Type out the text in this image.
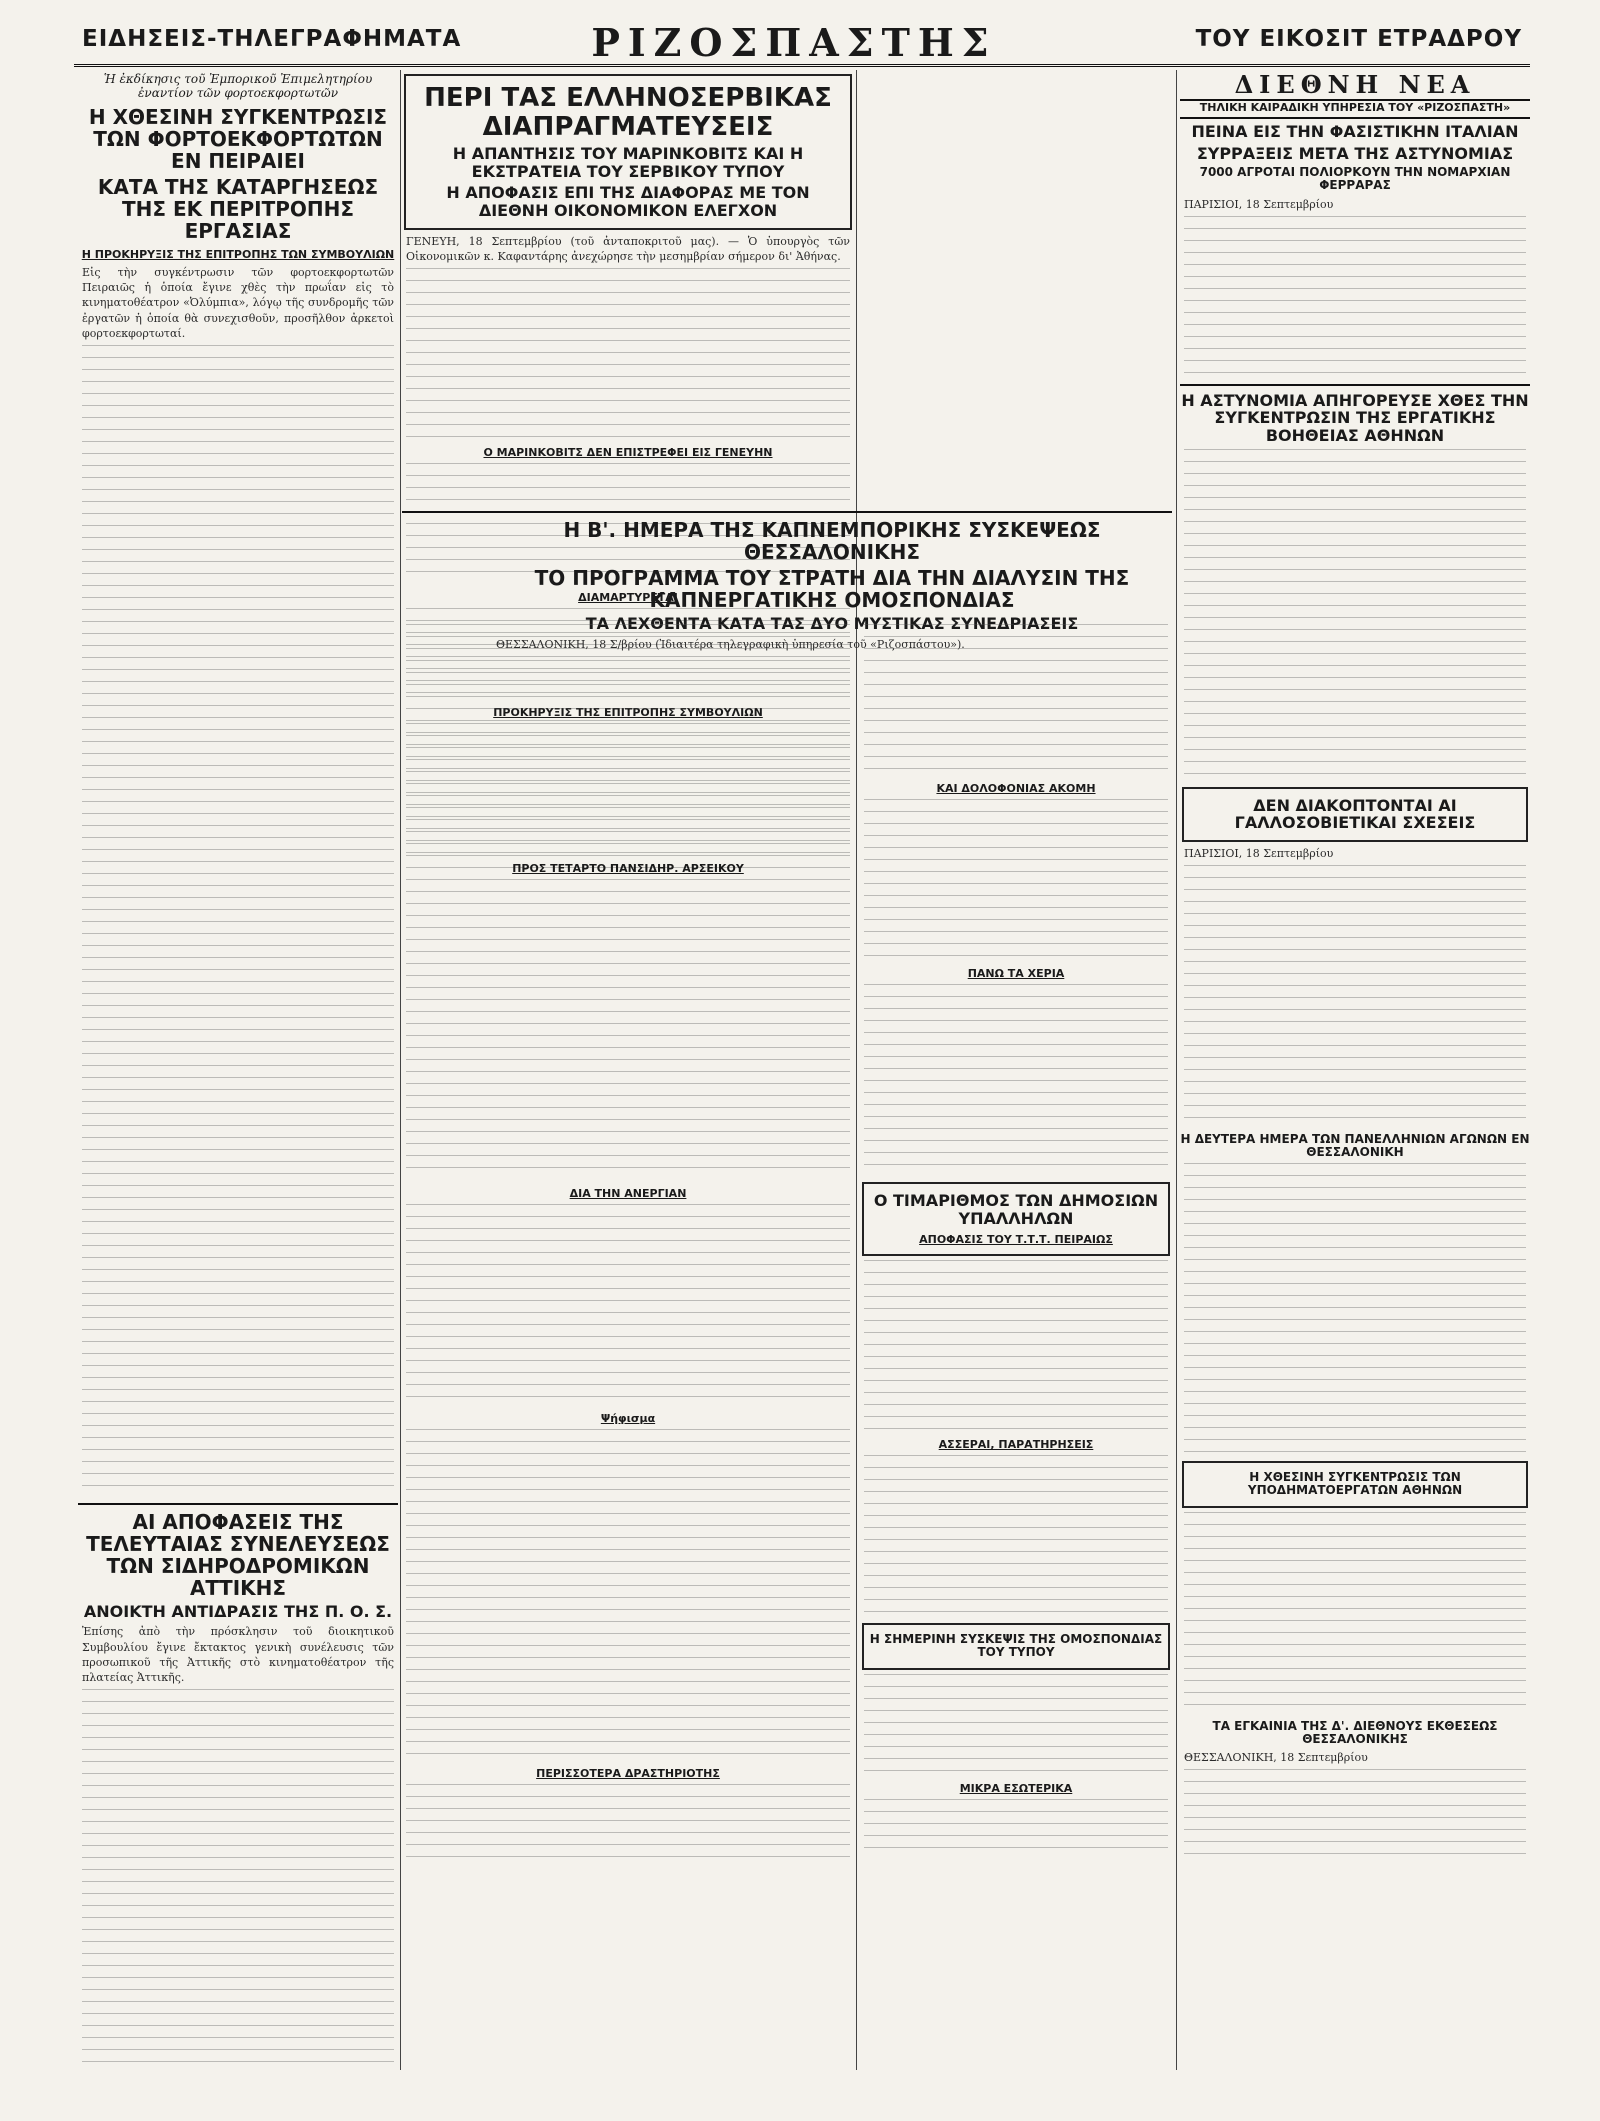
ΕΙΔΗΣΕΙΣ-ΤΗΛΕΓΡΑΦΗΜΑΤΑ	ΡΙΖΟΣΠΑΣΤΗΣ	ΤΟΥ ΕΙΚΟΣΙΤ ΕΤΡΑΔΡΟΥ
Ἡ ἐκδίκησις τοῦ Ἐμπορικοῦ Ἐπιμελητηρίου ἐναντίον τῶν φορτοεκφορτωτῶν
Η ΧΘΕΣΙΝΗ ΣΥΓΚΕΝΤΡΩΣΙΣ ΤΩΝ ΦΟΡΤΟΕΚΦΟΡΤΩΤΩΝ ΕΝ ΠΕΙΡΑΙΕΙ
ΚΑΤΑ ΤΗΣ ΚΑΤΑΡΓΗΣΕΩΣ ΤΗΣ ΕΚ ΠΕΡΙΤΡΟΠΗΣ ΕΡΓΑΣΙΑΣ
Η ΠΡΟΚΗΡΥΞΙΣ ΤΗΣ ΕΠΙΤΡΟΠΗΣ ΤΩΝ ΣΥΜΒΟΥΛΙΩΝ
Εἰς τὴν συγκέντρωσιν τῶν φορτοεκφορτωτῶν Πειραιῶς ἡ ὁποία ἔγινε χθὲς τὴν πρωΐαν εἰς τὸ κινηματοθέατρον «Ὀλύμπια», λόγῳ τῆς συνδρομῆς τῶν ἐργατῶν ἡ ὁποία θὰ συνεχισθοῦν, προσῆλθον ἀρκετοὶ φορτοεκφορτωταί.
ΑΙ ΑΠΟΦΑΣΕΙΣ ΤΗΣ ΤΕΛΕΥΤΑΙΑΣ ΣΥΝΕΛΕΥΣΕΩΣ ΤΩΝ ΣΙΔΗΡΟΔΡΟΜΙΚΩΝ ΑΤΤΙΚΗΣ
ΑΝΟΙΚΤΗ ΑΝΤΙΔΡΑΣΙΣ ΤΗΣ Π. Ο. Σ.
Ἐπίσης ἀπὸ τὴν πρόσκλησιν τοῦ διοικητικοῦ Συμβουλίου ἔγινε ἔκτακτος γενικὴ συνέλευσις τῶν προσωπικοῦ τῆς Ἀττικῆς στὸ κινηματοθέατρον τῆς πλατείας Ἀττικῆς.
ΠΕΡΙ ΤΑΣ ΕΛΛΗΝΟΣΕΡΒΙΚΑΣ ΔΙΑΠΡΑΓΜΑΤΕΥΣΕΙΣ
Η ΑΠΑΝΤΗΣΙΣ ΤΟΥ ΜΑΡΙΝΚΟΒΙΤΣ ΚΑΙ Η ΕΚΣΤΡΑΤΕΙΑ ΤΟΥ ΣΕΡΒΙΚΟΥ ΤΥΠΟΥ
Η ΑΠΟΦΑΣΙΣ ΕΠΙ ΤΗΣ ΔΙΑΦΟΡΑΣ ΜΕ ΤΟΝ ΔΙΕΘΝΗ ΟΙΚΟΝΟΜΙΚΟΝ ΕΛΕΓΧΟΝ
ΓΕΝΕΥΗ, 18 Σεπτεμβρίου (τοῦ ἀνταποκριτοῦ μας). — Ὁ ὑπουργὸς τῶν Οἰκονομικῶν κ. Καφαντάρης ἀνεχώρησε τὴν μεσημβρίαν σήμερον δι' Ἀθήνας.
Ο ΜΑΡΙΝΚΟΒΙΤΣ ΔΕΝ ΕΠΙΣΤΡΕΦΕΙ ΕΙΣ ΓΕΝΕΥΗΝ
ΔΙΑΜΑΡΤΥΡΕΤΑΙ
ΠΡΟΚΗΡΥΞΙΣ ΤΗΣ ΕΠΙΤΡΟΠΗΣ ΣΥΜΒΟΥΛΙΩΝ
Η Β'. ΗΜΕΡΑ ΤΗΣ ΚΑΠΝΕΜΠΟΡΙΚΗΣ ΣΥΣΚΕΨΕΩΣ ΘΕΣΣΑΛΟΝΙΚΗΣ
ΤΟ ΠΡΟΓΡΑΜΜΑ ΤΟΥ ΣΤΡΑΤΗ ΔΙΑ ΤΗΝ ΔΙΑΛΥΣΙΝ ΤΗΣ ΚΑΠΝΕΡΓΑΤΙΚΗΣ ΟΜΟΣΠΟΝΔΙΑΣ
ΤΑ ΛΕΧΘΕΝΤΑ ΚΑΤΑ ΤΑΣ ΔΥΟ ΜΥΣΤΙΚΑΣ ΣΥΝΕΔΡΙΑΣΕΙΣ
ΘΕΣΣΑΛΟΝΙΚΗ, 18 Σ/βρίου (Ἰδιαιτέρα τηλεγραφικὴ ὑπηρεσία τοῦ «Ριζοσπάστου»).
ΚΑΙ ΔΟΛΟΦΟΝΙΑΣ ΑΚΟΜΗ
ΠΑΝΩ ΤΑ ΧΕΡΙΑ
Ο ΤΙΜΑΡΙΘΜΟΣ ΤΩΝ ΔΗΜΟΣΙΩΝ ΥΠΑΛΛΗΛΩΝ
ΑΠΟΦΑΣΙΣ ΤΟΥ Τ.Τ.Τ. ΠΕΙΡΑΙΩΣ
ΑΣΣΕΡΑΙ, ΠΑΡΑΤΗΡΗΣΕΙΣ
Η ΣΗΜΕΡΙΝΗ ΣΥΣΚΕΨΙΣ ΤΗΣ ΟΜΟΣΠΟΝΔΙΑΣ ΤΟΥ ΤΥΠΟΥ
ΜΙΚΡΑ ΕΣΩΤΕΡΙΚΑ
ΠΡΟΣ ΤΕΤΑΡΤΟ ΠΑΝΣΙΔΗΡ. ΑΡΣΕΙΚΟΥ
ΔΙΑ ΤΗΝ ΑΝΕΡΓΙΑΝ
Ψήφισμα
ΠΕΡΙΣΣΟΤΕΡΑ ΔΡΑΣΤΗΡΙΟΤΗΣ
ΔΙΕΘΝΗ ΝΕΑ
ΤΗΛΙΚΗ ΚΑΙΡΑΔΙΚΗ ΥΠΗΡΕΣΙΑ ΤΟΥ «ΡΙΖΟΣΠΑΣΤΗ»
ΠΕΙΝΑ ΕΙΣ ΤΗΝ ΦΑΣΙΣΤΙΚΗΝ ΙΤΑΛΙΑΝ
ΣΥΡΡΑΞΕΙΣ ΜΕΤΑ ΤΗΣ ΑΣΤΥΝΟΜΙΑΣ
7000 ΑΓΡΟΤΑΙ ΠΟΛΙΟΡΚΟΥΝ ΤΗΝ ΝΟΜΑΡΧΙΑΝ ΦΕΡΡΑΡΑΣ
ΠΑΡΙΣΙΟΙ, 18 Σεπτεμβρίου
Η ΑΣΤΥΝΟΜΙΑ ΑΠΗΓΟΡΕΥΣΕ ΧΘΕΣ ΤΗΝ ΣΥΓΚΕΝΤΡΩΣΙΝ ΤΗΣ ΕΡΓΑΤΙΚΗΣ ΒΟΗΘΕΙΑΣ ΑΘΗΝΩΝ
ΔΕΝ ΔΙΑΚΟΠΤΟΝΤΑΙ ΑΙ ΓΑΛΛΟΣΟΒΙΕΤΙΚΑΙ ΣΧΕΣΕΙΣ
ΠΑΡΙΣΙΟΙ, 18 Σεπτεμβρίου
Η ΔΕΥΤΕΡΑ ΗΜΕΡΑ ΤΩΝ ΠΑΝΕΛΛΗΝΙΩΝ ΑΓΩΝΩΝ ΕΝ ΘΕΣΣΑΛΟΝΙΚΗ
Η ΧΘΕΣΙΝΗ ΣΥΓΚΕΝΤΡΩΣΙΣ ΤΩΝ ΥΠΟΔΗΜΑΤΟΕΡΓΑΤΩΝ ΑΘΗΝΩΝ
ΤΑ ΕΓΚΑΙΝΙΑ ΤΗΣ Δ'. ΔΙΕΘΝΟΥΣ ΕΚΘΕΣΕΩΣ ΘΕΣΣΑΛΟΝΙΚΗΣ
ΘΕΣΣΑΛΟΝΙΚΗ, 18 Σεπτεμβρίου
